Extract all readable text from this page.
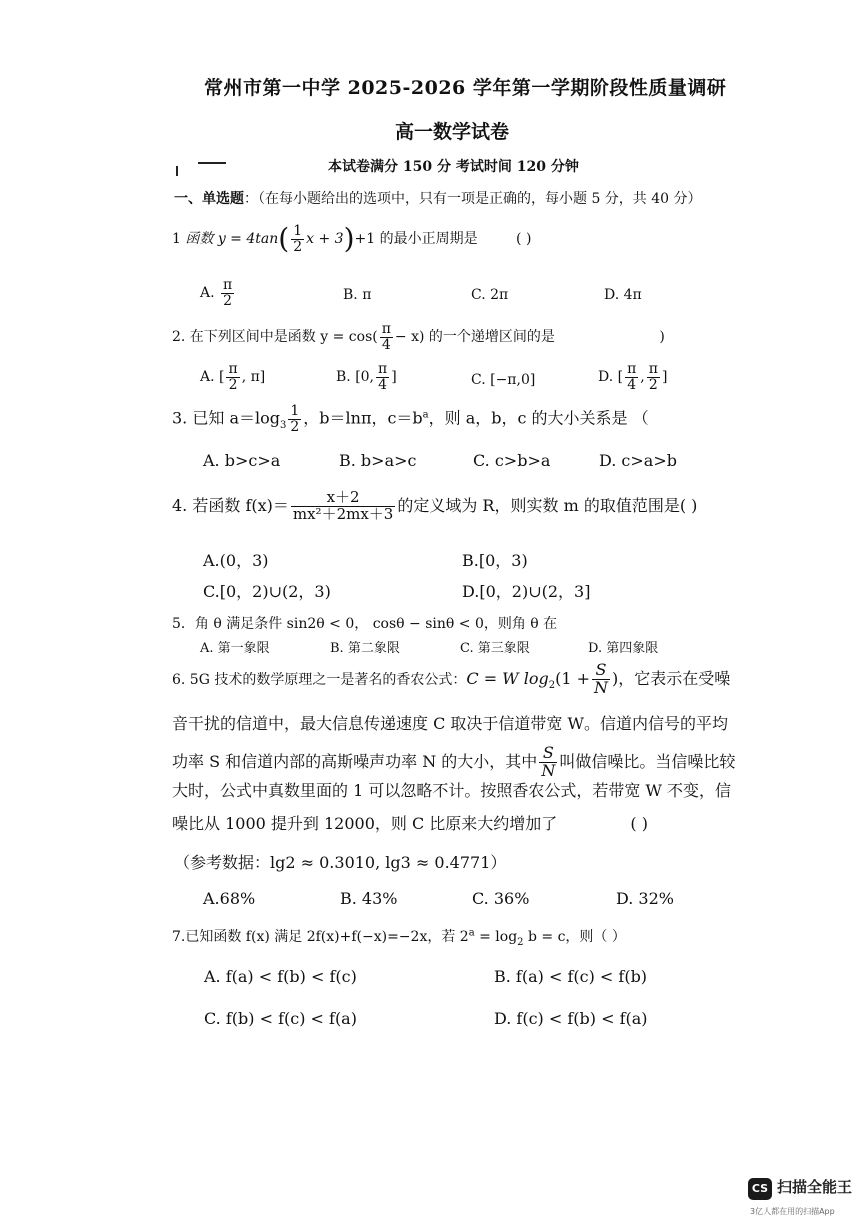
常州市第一中学 2025-2026 学年第一学期阶段性质量调研
高一数学试卷
本试卷满分 150 分 考试时间 120 分钟
一、单选题：（在每小题给出的选项中，只有一项是正确的，每小题 5 分，共 40 分）
1 函数 $y = 4\tan( \frac{1}{2}$ x + 3)+1 的最小正周期是	( )
A. $\frac{\pi}{2}$	B. π	C. 2π	D. 4π
2. 在下列区间中是函数 $y = \cos( \frac{\pi}{4} - x)$ 的一个递增区间的是	)
A. [ $\frac{\pi}{2}$ , π]	B. [0, $\frac{\pi}{4}$ ]	C. [−π,0]	D. [ $\frac{\pi}{4}$ , $\frac{\pi}{2}$ ]
3. 已知 $a=\log_3 \frac{1}{2}$ ，b＝lnπ，$c=b^a$，则 a，b，c 的大小关系是 （
A. b>c>a	B. b>a>c	C. c>b>a	D. c>a>b
4. 若函数 $f(x)= \frac{x+2}{\text{mx²＋2mx＋3}}$ 的定义域为 R，则实数 m 的取值范围是( )
A.(0，3)	B.[0，3)
C.[0，2)∪(2，3)	D.[0，2)∪(2，3]
5．角 θ 满足条件 sin2θ < 0， cosθ − sinθ < 0，则角 θ 在
A. 第一象限	B. 第二象限	C. 第三象限	D. 第四象限
6. 5G 技术的数学原理之一是著名的香农公式：C = W $\log_2(1 + \frac{S}{N}$ )，它表示在受噪
音干扰的信道中，最大信息传递速度 C 取决于信道带宽 W。信道内信号的平均
功率 S 和信道内部的高斯噪声功率 N 的大小，其中 $\frac{S}{N}$ 叫做信噪比。当信噪比较
大时，公式中真数里面的 1 可以忽略不计。按照香农公式，若带宽 W 不变，信
噪比从 1000 提升到 12000，则 C 比原来大约增加了	( )
（参考数据：lg2 ≈ 0.3010, lg3 ≈ 0.4771）
A.68%	B. 43%	C. 36%	D. 32%
7.已知函数 f(x) 满足 2f(x)+f(−x)=−2x，若 $2^a = \log_2 b = c$，则（ ）
A. f(a) < f(b) < f(c)	B. f(a) < f(c) < f(b)
C. f(b) < f(c) < f(a)	D. f(c) < f(b) < f(a)
CS 扫描全能王
3亿人都在用的扫描App
